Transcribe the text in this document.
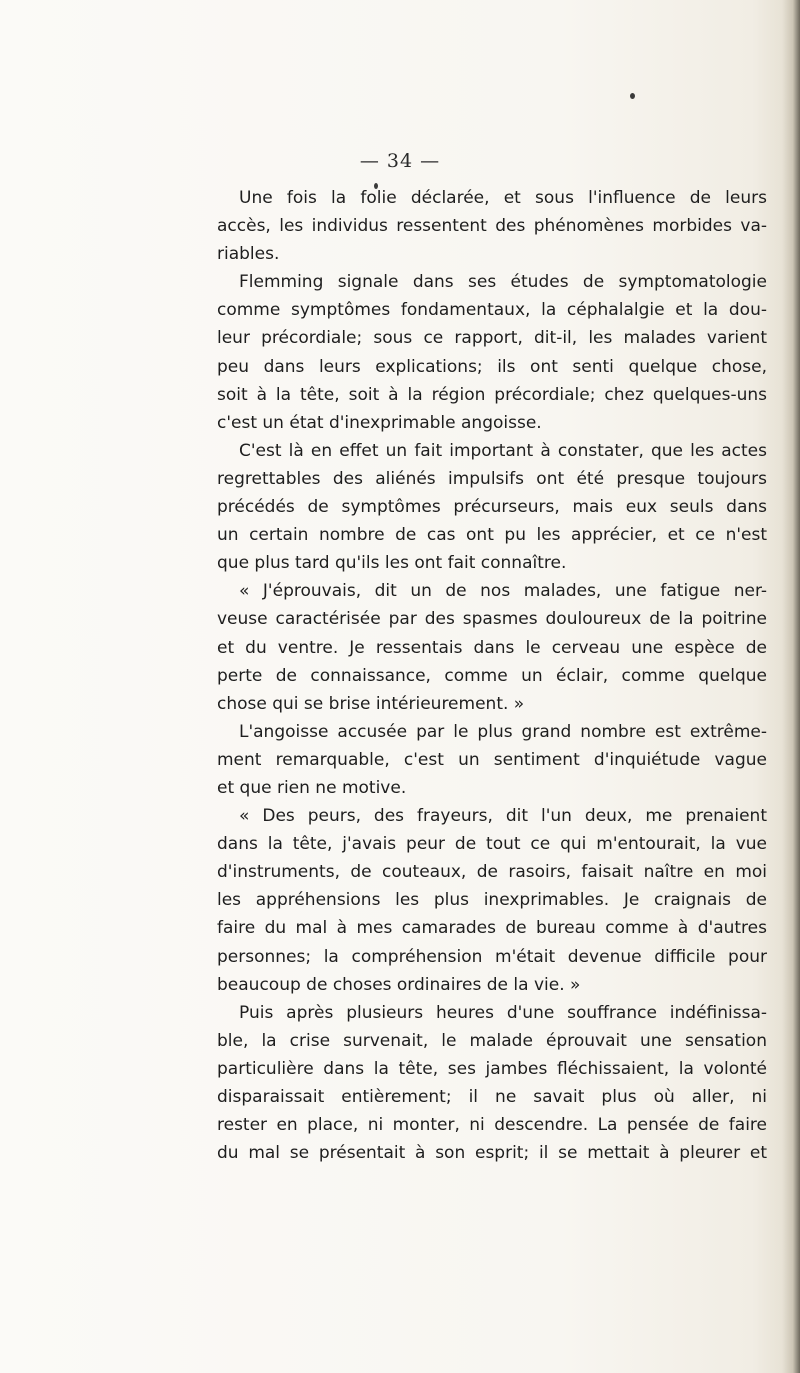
— 34 —
Une fois la folie déclarée, et sous l'influence de leurs
accès, les individus ressentent des phénomènes morbides va-
riables.
Flemming signale dans ses études de symptomatologie
comme symptômes fondamentaux, la céphalalgie et la dou-
leur précordiale; sous ce rapport, dit-il, les malades varient
peu dans leurs explications; ils ont senti quelque chose,
soit à la tête, soit à la région précordiale; chez quelques-uns
c'est un état d'inexprimable angoisse.
C'est là en effet un fait important à constater, que les actes
regrettables des aliénés impulsifs ont été presque toujours
précédés de symptômes précurseurs, mais eux seuls dans
un certain nombre de cas ont pu les apprécier, et ce n'est
que plus tard qu'ils les ont fait connaître.
« J'éprouvais, dit un de nos malades, une fatigue ner-
veuse caractérisée par des spasmes douloureux de la poitrine
et du ventre. Je ressentais dans le cerveau une espèce de
perte de connaissance, comme un éclair, comme quelque
chose qui se brise intérieurement. »
L'angoisse accusée par le plus grand nombre est extrême-
ment remarquable, c'est un sentiment d'inquiétude vague
et que rien ne motive.
« Des peurs, des frayeurs, dit l'un deux, me prenaient
dans la tête, j'avais peur de tout ce qui m'entourait, la vue
d'instruments, de couteaux, de rasoirs, faisait naître en moi
les appréhensions les plus inexprimables. Je craignais de
faire du mal à mes camarades de bureau comme à d'autres
personnes; la compréhension m'était devenue difficile pour
beaucoup de choses ordinaires de la vie. »
Puis après plusieurs heures d'une souffrance indéfinissa-
ble, la crise survenait, le malade éprouvait une sensation
particulière dans la tête, ses jambes fléchissaient, la volonté
disparaissait entièrement; il ne savait plus où aller, ni
rester en place, ni monter, ni descendre. La pensée de faire
du mal se présentait à son esprit; il se mettait à pleurer et
